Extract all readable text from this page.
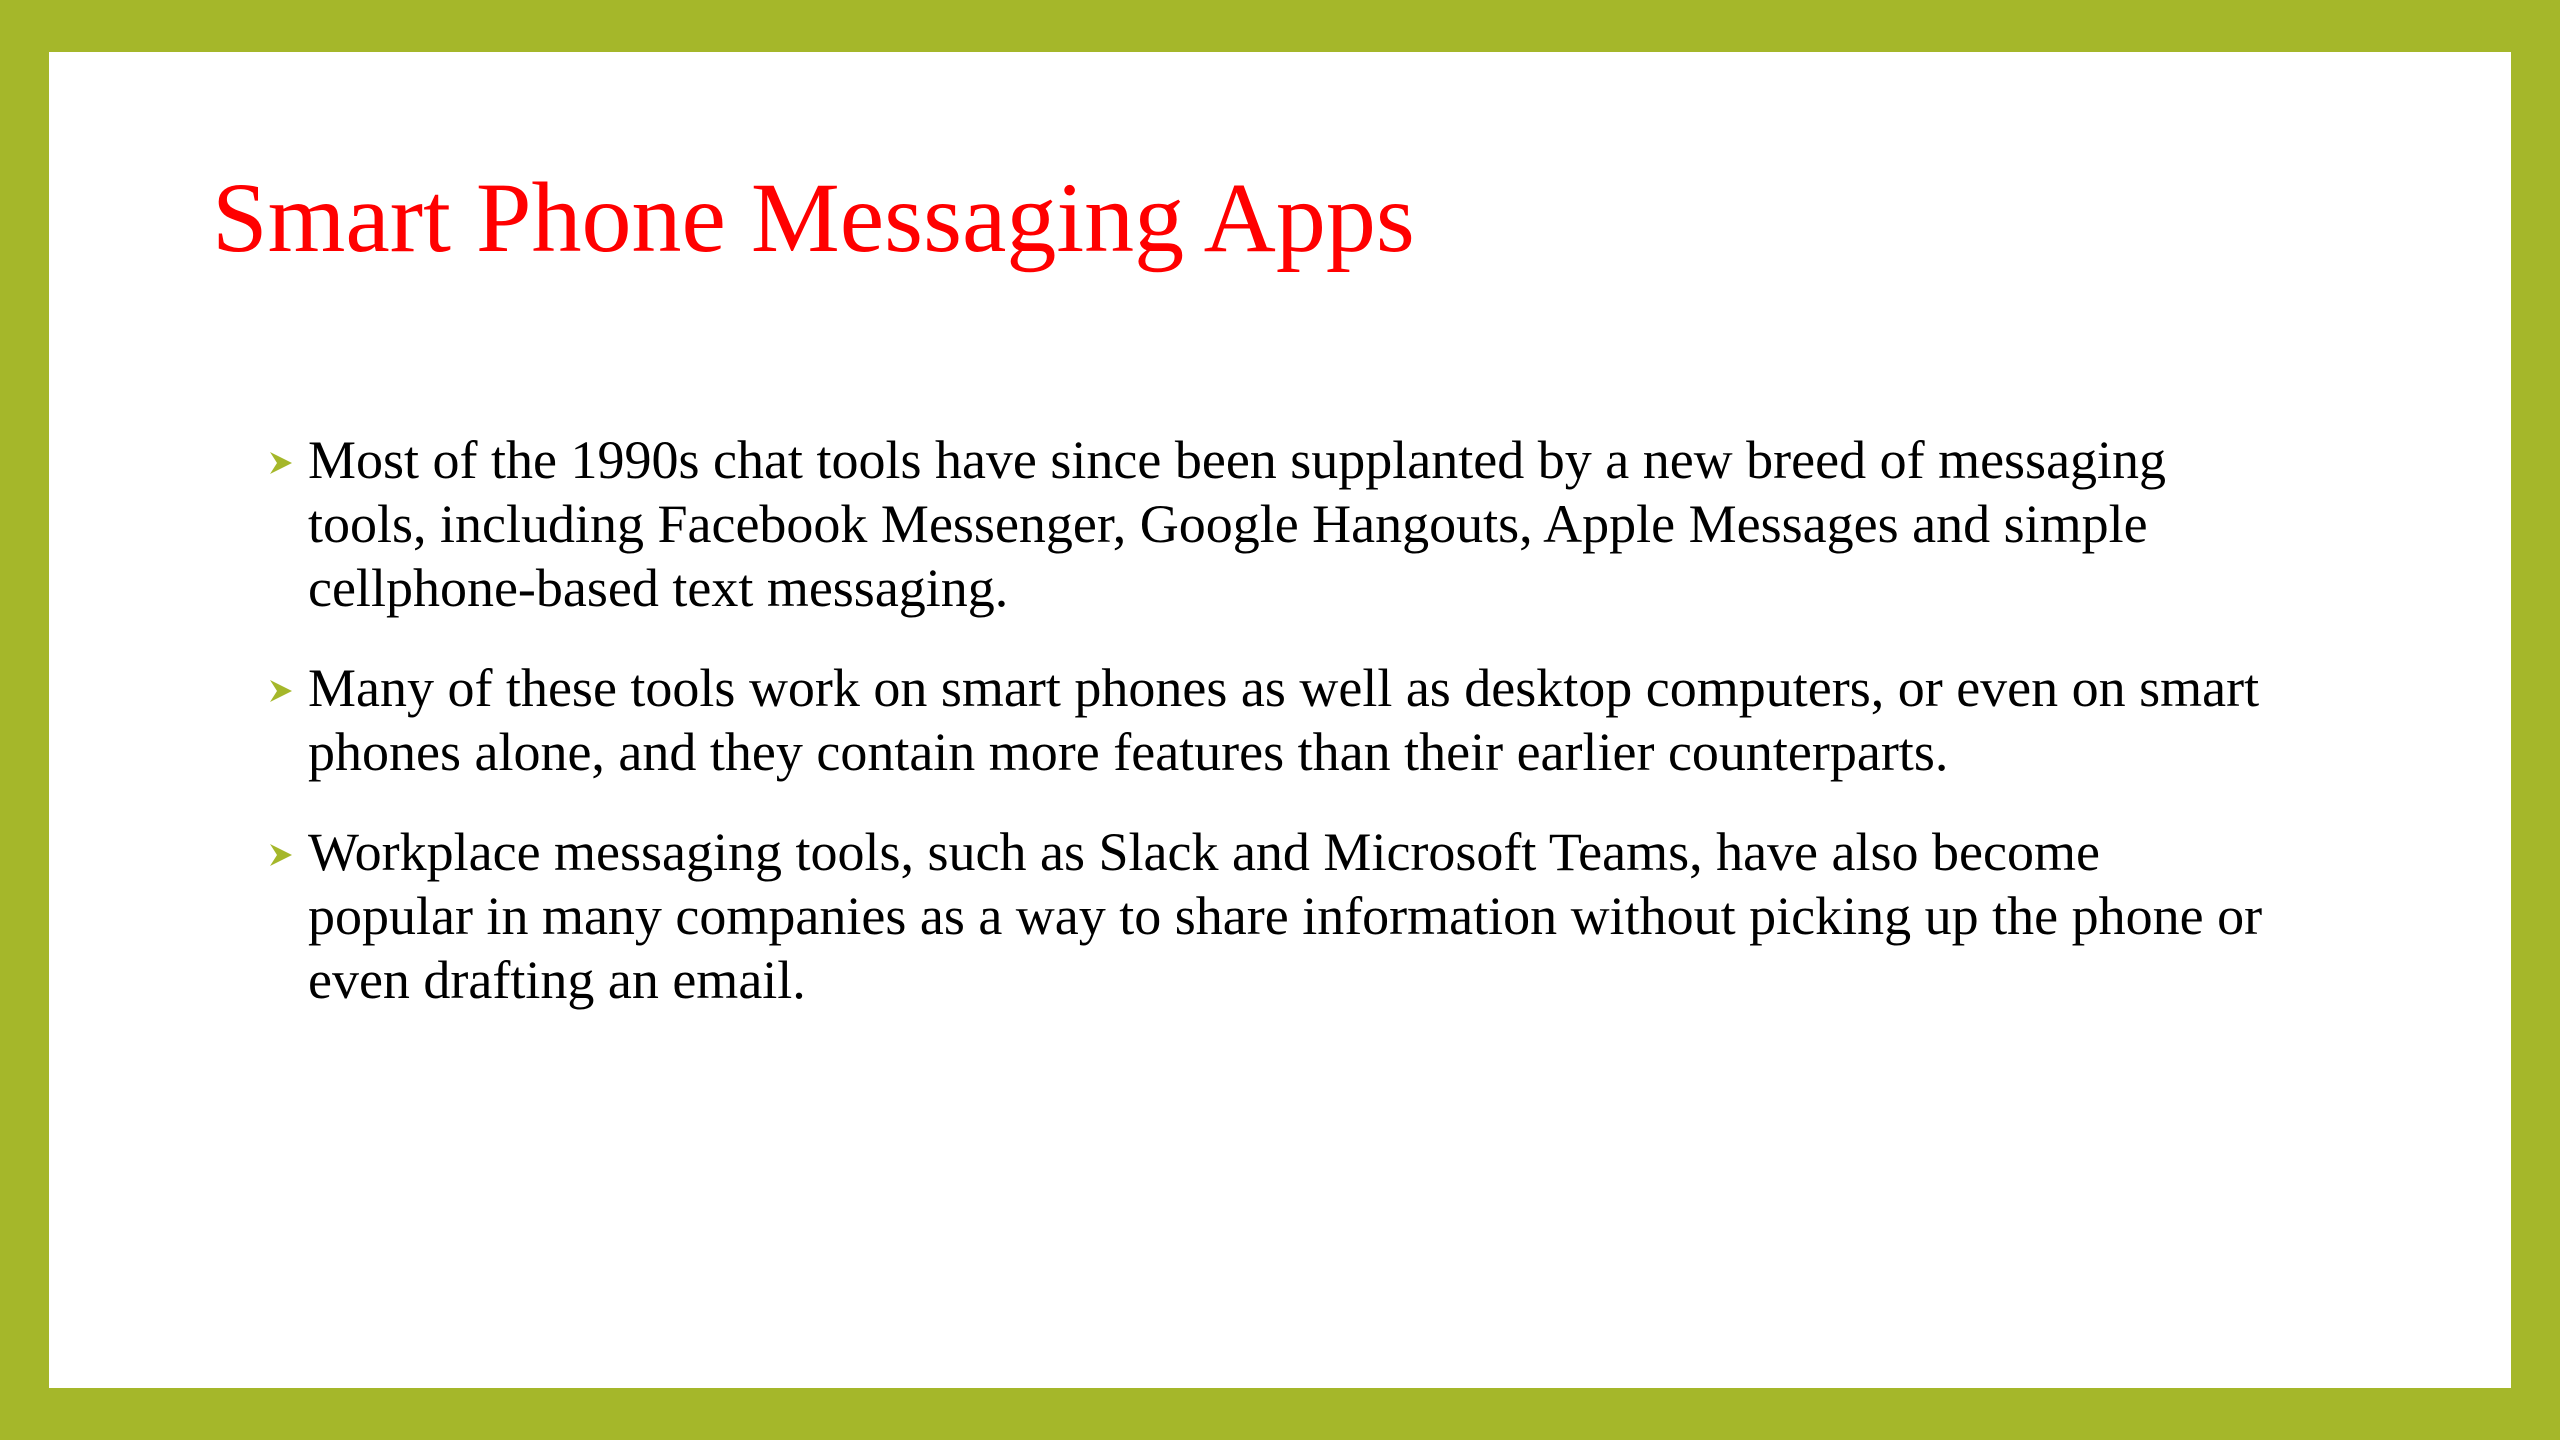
Smart Phone Messaging Apps
Most of the 1990s chat tools have since been supplanted by a new breed of messaging tools, including Facebook Messenger, Google Hangouts, Apple Messages and simple cellphone-based text messaging.
Many of these tools work on smart phones as well as desktop computers, or even on smart phones alone, and they contain more features than their earlier counterparts.
Workplace messaging tools, such as Slack and Microsoft Teams, have also become popular in many companies as a way to share information without picking up the phone or even drafting an email.
